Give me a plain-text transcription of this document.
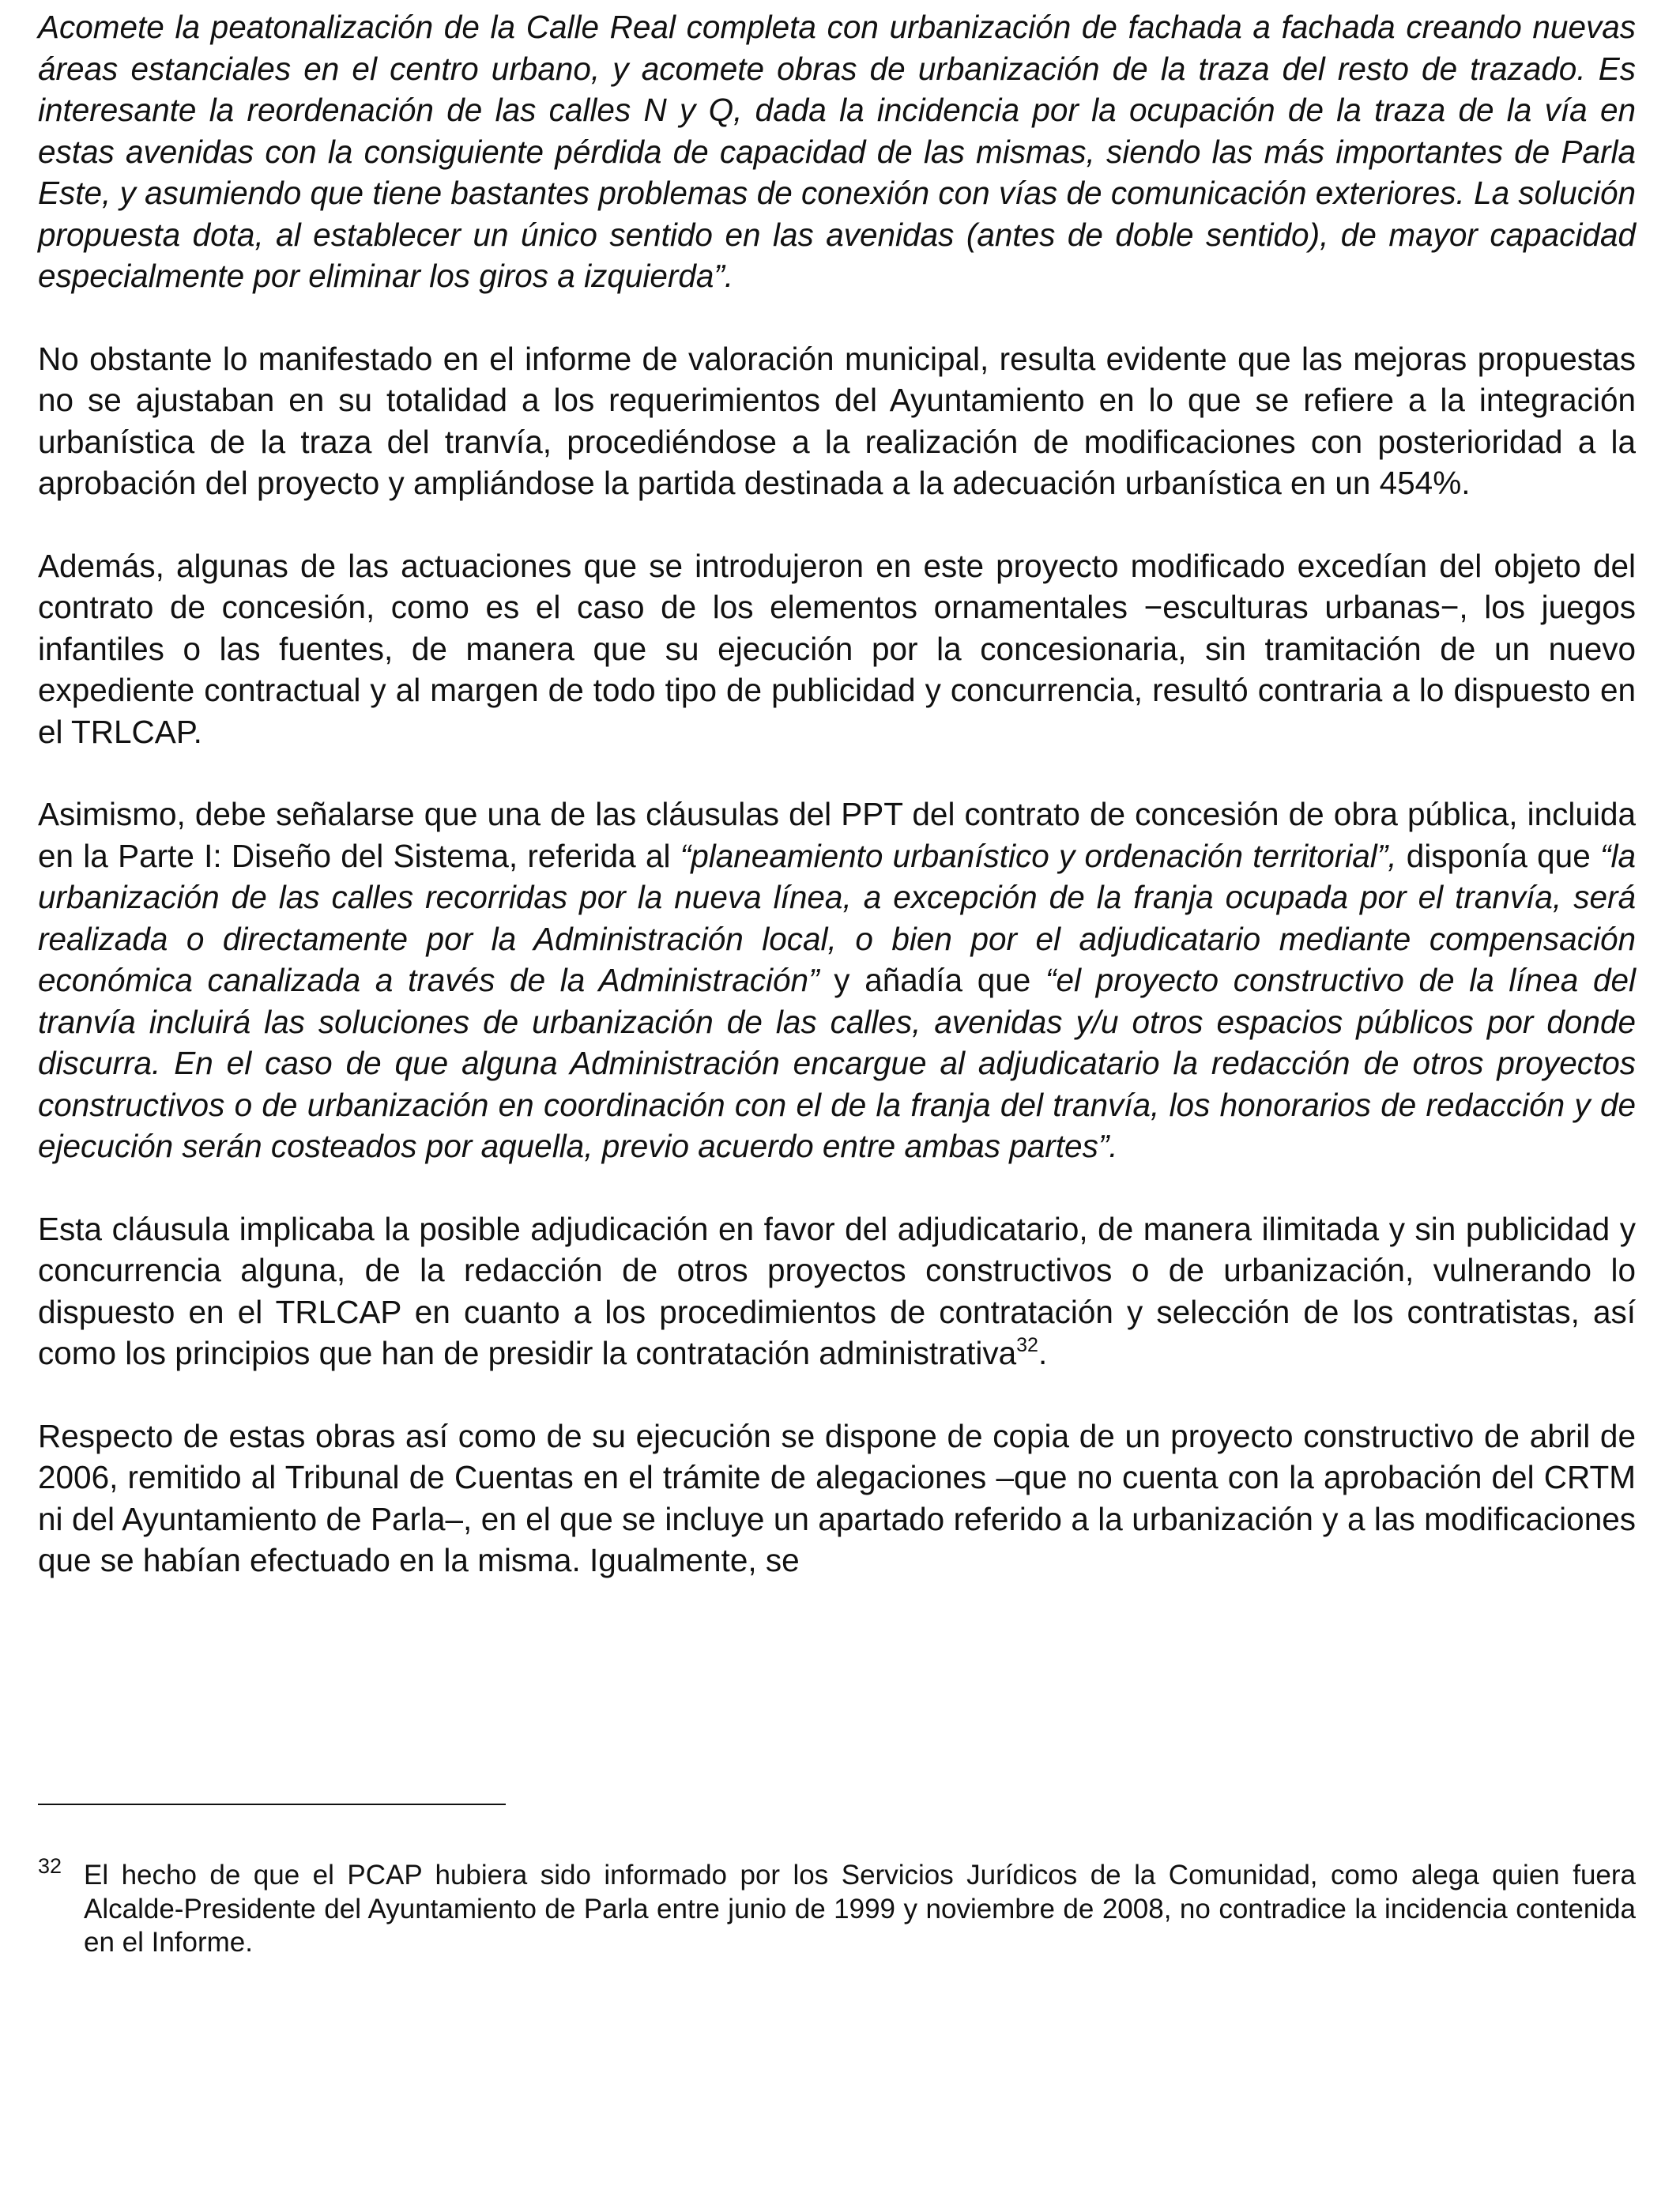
Acomete la peatonalización de la Calle Real completa con urbanización de fachada a fachada creando nuevas áreas estanciales en el centro urbano, y acomete obras de urbanización de la traza del resto de trazado. Es interesante la reordenación de las calles N y Q, dada la incidencia por la ocupación de la traza de la vía en estas avenidas con la consiguiente pérdida de capacidad de las mismas, siendo las más importantes de Parla Este, y asumiendo que tiene bastantes problemas de conexión con vías de comunicación exteriores. La solución propuesta dota, al establecer un único sentido en las avenidas (antes de doble sentido), de mayor capacidad especialmente por eliminar los giros a izquierda”.

No obstante lo manifestado en el informe de valoración municipal, resulta evidente que las mejoras propuestas no se ajustaban en su totalidad a los requerimientos del Ayuntamiento en lo que se refiere a la integración urbanística de la traza del tranvía, procediéndose a la realización de modificaciones con posterioridad a la aprobación del proyecto y ampliándose la partida destinada a la adecuación urbanística en un 454%.

Además, algunas de las actuaciones que se introdujeron en este proyecto modificado excedían del objeto del contrato de concesión, como es el caso de los elementos ornamentales −esculturas urbanas−, los juegos infantiles o las fuentes, de manera que su ejecución por la concesionaria, sin tramitación de un nuevo expediente contractual y al margen de todo tipo de publicidad y concurrencia, resultó contraria a lo dispuesto en el TRLCAP.

Asimismo, debe señalarse que una de las cláusulas del PPT del contrato de concesión de obra pública, incluida en la Parte I: Diseño del Sistema, referida al “planeamiento urbanístico y ordenación territorial”, disponía que “la urbanización de las calles recorridas por la nueva línea, a excepción de la franja ocupada por el tranvía, será realizada o directamente por la Administración local, o bien por el adjudicatario mediante compensación económica canalizada a través de la Administración” y añadía que “el proyecto constructivo de la línea del tranvía incluirá las soluciones de urbanización de las calles, avenidas y/u otros espacios públicos por donde discurra. En el caso de que alguna Administración encargue al adjudicatario la redacción de otros proyectos constructivos o de urbanización en coordinación con el de la franja del tranvía, los honorarios de redacción y de ejecución serán costeados por aquella, previo acuerdo entre ambas partes”.

Esta cláusula implicaba la posible adjudicación en favor del adjudicatario, de manera ilimitada y sin publicidad y concurrencia alguna, de la redacción de otros proyectos constructivos o de urbanización, vulnerando lo dispuesto en el TRLCAP en cuanto a los procedimientos de contratación y selección de los contratistas, así como los principios que han de presidir la contratación administrativa$^{32}$.

Respecto de estas obras así como de su ejecución se dispone de copia de un proyecto constructivo de abril de 2006, remitido al Tribunal de Cuentas en el trámite de alegaciones –que no cuenta con la aprobación del CRTM ni del Ayuntamiento de Parla–, en el que se incluye un apartado referido a la urbanización y a las modificaciones que se habían efectuado en la misma. Igualmente, se

32 El hecho de que el PCAP hubiera sido informado por los Servicios Jurídicos de la Comunidad, como alega quien fuera Alcalde-Presidente del Ayuntamiento de Parla entre junio de 1999 y noviembre de 2008, no contradice la incidencia contenida en el Informe.
